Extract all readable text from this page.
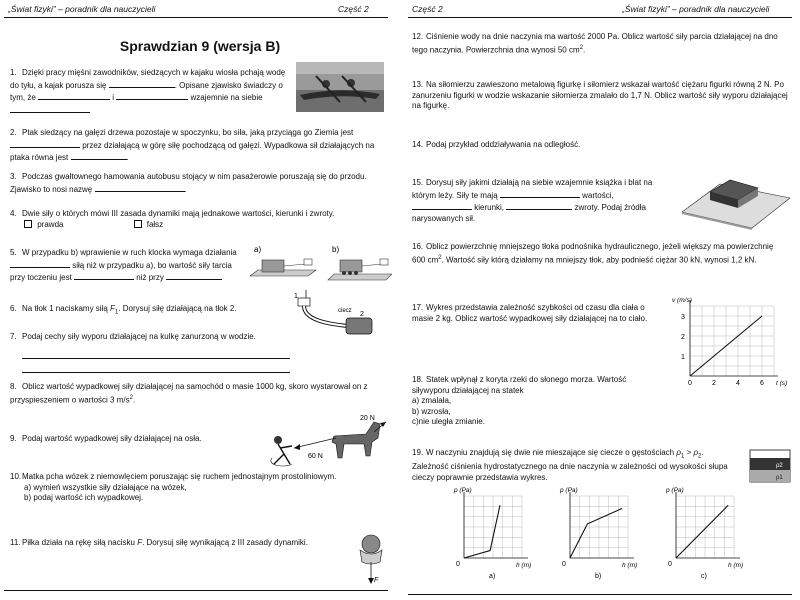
„Świat fizyki” – poradnik dla nauczycieli	Część 2
Sprawdzian 9 (wersja B)
1. Dzięki pracy mięśni zawodników, siedzących w kajaku wiosła pchają wodę do tyłu, a kajak porusza się	. Opisane zjawisko świadczy o tym, że	i	wzajemnie na siebie
2. Ptak siedzący na gałęzi drzewa pozostaje w spoczynku, bo siła, jaką przyciąga go Ziemia jest  przez działającą w górę siłę pochodzącą od gałęzi. Wypadkowa sił działających na ptaka równa jest	.
3. Podczas gwałtownego hamowania autobusu stojący w nim pasażerowie poruszają się do przodu. Zjawisko to nosi nazwę	.
4. Dwie siły o których mówi III zasada dynamiki mają jednakowe wartości, kierunki i zwroty.
prawda	fałsz
5. W przypadku b) wprawienie w ruch klocka wymaga działania  siłą niż w przypadku a), bo wartość siły tarcia przy toczeniu jest	niż przy
a)	b)
6. Na tłok 1 naciskamy siłą $F_1$. Dorysuj siłę działającą na tłok 2.
1
ciecz 2
7. Podaj cechy siły wyporu działającej na kulkę zanurzoną w wodzie.
8. Oblicz wartość wypadkowej siły działającej na samochód o masie 1000 kg, skoro wystarował on z przyspieszeniem o wartości 3 $m/s^2$.
9. Podaj wartość wypadkowej siły działającej na osła.
20 N
60 N
10.Matka pcha wózek z niemowlęciem poruszając się ruchem jednostajnym prostoliniowym.
a) wymień wszystkie siły działające na wózek,
b) podaj wartość ich wypadkowej.
11.Piłka działa na rękę siłą nacisku F. Dorysuj siłę wynikającą z III zasady dynamiki.
F
Część 2	„Świat fizyki” – poradnik dla nauczycieli
12. Ciśnienie wody na dnie naczynia ma wartość 2000 Pa. Oblicz wartość siły parcia działającej na dno tego naczynia. Powierzchnia dna wynosi 50 $cm^2$.
13. Na siłomierzu zawieszono metalową figurkę i siłomierz wskazał wartość ciężaru figurki równą 2 N. Po zanurzeniu figurki w wodzie wskazanie siłomierza zmalało do 1,7 N. Oblicz wartość siły wyporu działającej na figurkę.
14. Podaj przykład oddziaływania na odległość.
15. Dorysuj siły jakimi działają na siebie wzajemnie książka i blat na którym leży. Siły te mają	wartości,  kierunki,	zwroty. Podaj źródła narysowanych sił.
16. Oblicz powierzchnię mniejszego tłoka podnośnika hydraulicznego, jeżeli większy ma powierzchnię 600 $cm^2$. Wartość siły którą działamy na mniejszy tłok, aby podnieść ciężar 30 kN, wynosi 1,2 kN.
17. Wykres przedstawia zależność szybkości od czasu dla ciała o masie 2 kg. Oblicz wartość wypadkowej siły działającej na to ciało.
0	2	4	6
1
2
3
v (m/s)
t (s)
18. Statek wpłynął z koryta rzeki do słonego morza. Wartość siływyporu działającej na statek
a) zmalała,
b) wzrosła,
c)nie uległa zmianie.
19. W naczyniu znajdują się dwie nie mieszające się ciecze o gęstościach $\rho_1 > \rho_2$. Zależność ciśnienia hydrostatycznego na dnie naczynia w zależności od wysokości słupa cieczy poprawnie przedstawia wykres.
ρ2
ρ1
p (Pa)
h (m)
0
a)
p (Pa)
h (m)
0
b)
p (Pa)
h (m)
0
c)
